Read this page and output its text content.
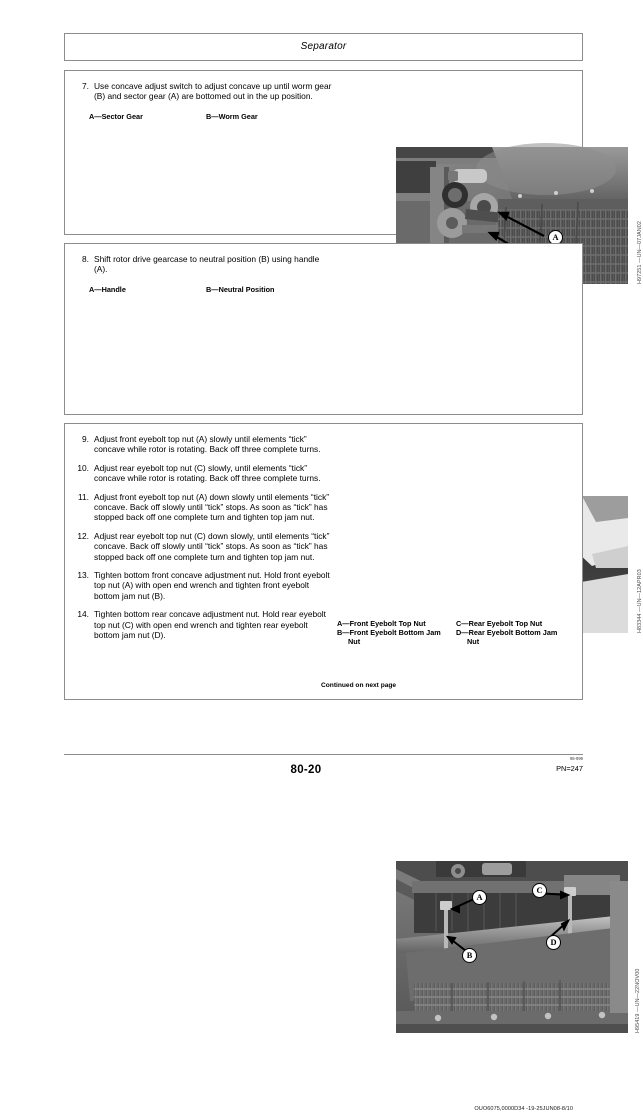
Separator
7. Use concave adjust switch to adjust concave up until worm gear (B) and sector gear (A) are bottomed out in the up position.
A—Sector Gear	B—Worm Gear
A	H97251 —UN—07JAN02
8. Shift rotor drive gearcase to neutral position (B) using handle (A).
A—Handle	B—Neutral Position
H83344 —UN—12APR03
9. Adjust front eyebolt top nut (A) slowly until elements “tick” concave while rotor is rotating. Back off three complete turns.
10. Adjust rear eyebolt top nut (C) slowly, until elements “tick” concave while rotor is rotating. Back off three complete turns.
11. Adjust front eyebolt top nut (A) down slowly until elements “tick” concave. Back off slowly until “tick” stops. As soon as “tick” has stopped back off one complete turn and tighten top jam nut.
12. Adjust rear eyebolt top nut (C) down slowly, until elements “tick” concave. Back off slowly until “tick” stops. As soon as “tick” has stopped back off one complete turn and tighten top jam nut.
13. Tighten bottom front concave adjustment nut. Hold front eyebolt top nut (A) with open end wrench and tighten front eyebolt bottom jam nut (B).
14. Tighten bottom rear concave adjustment nut. Hold rear eyebolt top nut (C) with open end wrench and tighten rear eyebolt bottom jam nut (D).
A
C
B
D
A—Front Eyebolt Top Nut
B—Front Eyebolt Bottom Jam
Nut
C—Rear Eyebolt Top Nut
D—Rear Eyebolt Bottom Jam
Nut
H95419 —UN—22NOV00
OUO6075,0000D34 -19-25JUN08-8/10
Continued on next page
80-20
95-999
PN=247
